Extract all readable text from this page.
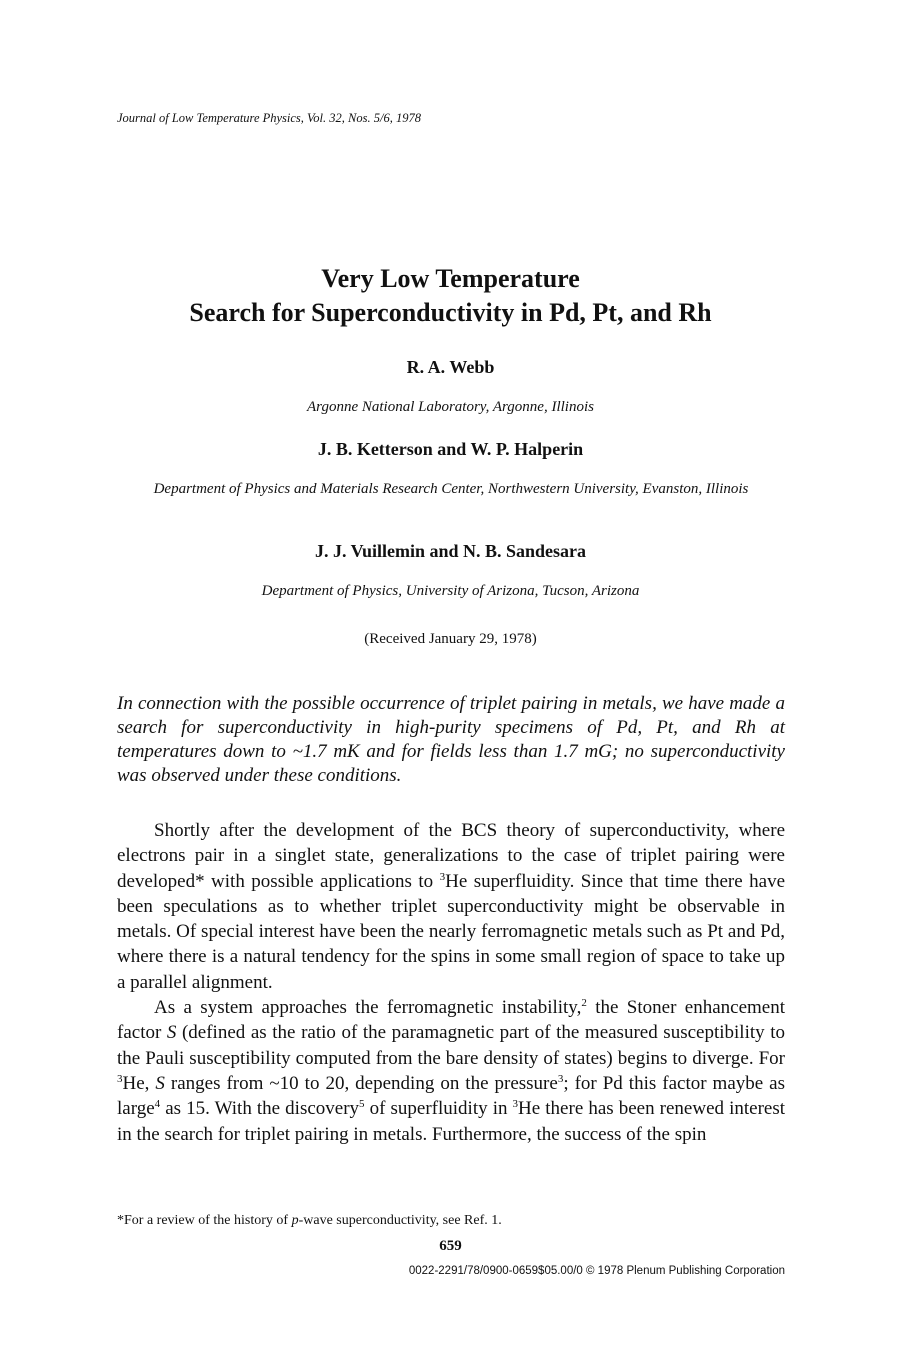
Journal of Low Temperature Physics, Vol. 32, Nos. 5/6, 1978
Very Low Temperature
Search for Superconductivity in Pd, Pt, and Rh
R. A. Webb
Argonne National Laboratory, Argonne, Illinois
J. B. Ketterson and W. P. Halperin
Department of Physics and Materials Research Center, Northwestern University, Evanston, Illinois
J. J. Vuillemin and N. B. Sandesara
Department of Physics, University of Arizona, Tucson, Arizona
(Received January 29, 1978)

In connection with the possible occurrence of triplet pairing in metals, we have made a search for superconductivity in high-purity specimens of Pd, Pt, and Rh at temperatures down to ~1.7 mK and for fields less than 1.7 mG; no superconductivity was observed under these conditions.

Shortly after the development of the BCS theory of superconductivity, where electrons pair in a singlet state, generalizations to the case of triplet pairing were developed* with possible applications to $^3$He superfluidity. Since that time there have been speculations as to whether triplet superconductivity might be observable in metals. Of special interest have been the nearly ferromagnetic metals such as Pt and Pd, where there is a natural tendency for the spins in some small region of space to take up a parallel alignment.

As a system approaches the ferromagnetic instability,$^2$ the Stoner enhancement factor S (defined as the ratio of the paramagnetic part of the measured susceptibility to the Pauli susceptibility computed from the bare density of states) begins to diverge. For $^3$He, S ranges from ~10 to 20, depending on the pressure$^3$; for Pd this factor maybe as large$^4$ as 15. With the discovery$^5$ of superfluidity in $^3$He there has been renewed interest in the search for triplet pairing in metals. Furthermore, the success of the spin

*For a review of the history of p-wave superconductivity, see Ref. 1.
659
0022-2291/78/0900-0659$05.00/0 © 1978 Plenum Publishing Corporation
